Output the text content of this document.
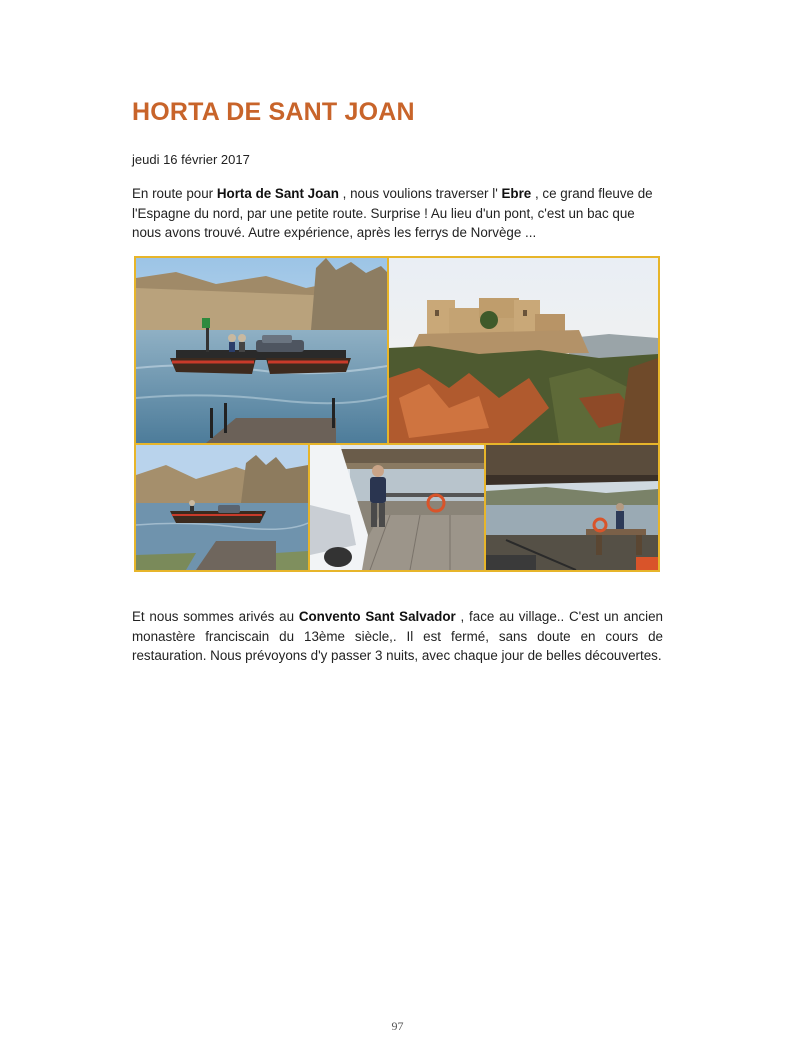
HORTA DE SANT JOAN

jeudi 16 février 2017

En route pour Horta de Sant Joan , nous voulions traverser l' Ebre , ce grand fleuve de l'Espagne du nord, par une petite route. Surprise ! Au lieu d'un pont, c'est un bac que nous avons trouvé. Autre expérience, après les ferrys de Norvège ...

Et nous sommes arivés au Convento Sant Salvador , face au village.. C'est un ancien monastère franciscain du 13ème siècle,. Il est fermé, sans doute en cours de restauration. Nous prévoyons d'y passer 3 nuits, avec chaque jour de belles découvertes.

97
